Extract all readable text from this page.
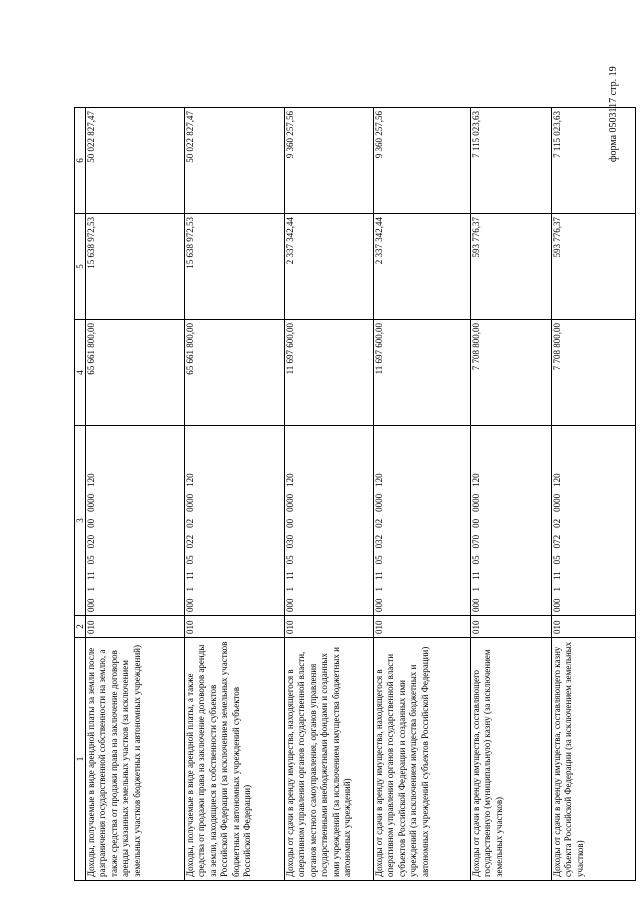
форма 0503117 стр. 19
1	2	3	4	5	6
Доходы, получаемые в виде арендной платы за земли после разграничения государственной собственности на землю, а также средства от продажи права на заключение договоров аренды указанных земельных участков (за исключением земельных участков бюджетных и автономных учреждений)	010	00011105020000000120	65 661 800,00	15 638 972,53	50 022 827,47
Доходы, получаемые в виде арендной платы, а также средства от продажи права на заключение договоров аренды за земли, находящиеся в собственности субъектов Российской Федерации (за исключением земельных участков бюджетных и автономных учреждений субъектов Российской Федерации)	010	00011105022020000120	65 661 800,00	15 638 972,53	50 022 827,47
Доходы от сдачи в аренду имущества, находящегося в оперативном управлении органов государственной власти, органов местного самоуправления, органов управления государственными внебюджетными фондами и созданных ими учреждений (за исключением имущества бюджетных и автономных учреждений)	010	00011105030000000120	11 697 600,00	2 337 342,44	9 360 257,56
Доходы от сдачи в аренду имущества, находящегося в оперативном управлении органов государственной власти субъектов Российской Федерации и созданных ими учреждений (за исключением имущества бюджетных и автономных учреждений субъектов Российской Федерации)	010	00011105032020000120	11 697 600,00	2 337 342,44	9 360 257,56
Доходы от сдачи в аренду имущества, составляющего государственную (муниципальную) казну (за исключением земельных участков)	010	00011105070000000120	7 708 800,00	593 776,37	7 115 023,63
Доходы от сдачи в аренду имущества, составляющего казну субъекта Российской Федерации (за исключением земельных участков)	010	00011105072020000120	7 708 800,00	593 776,37	7 115 023,63
